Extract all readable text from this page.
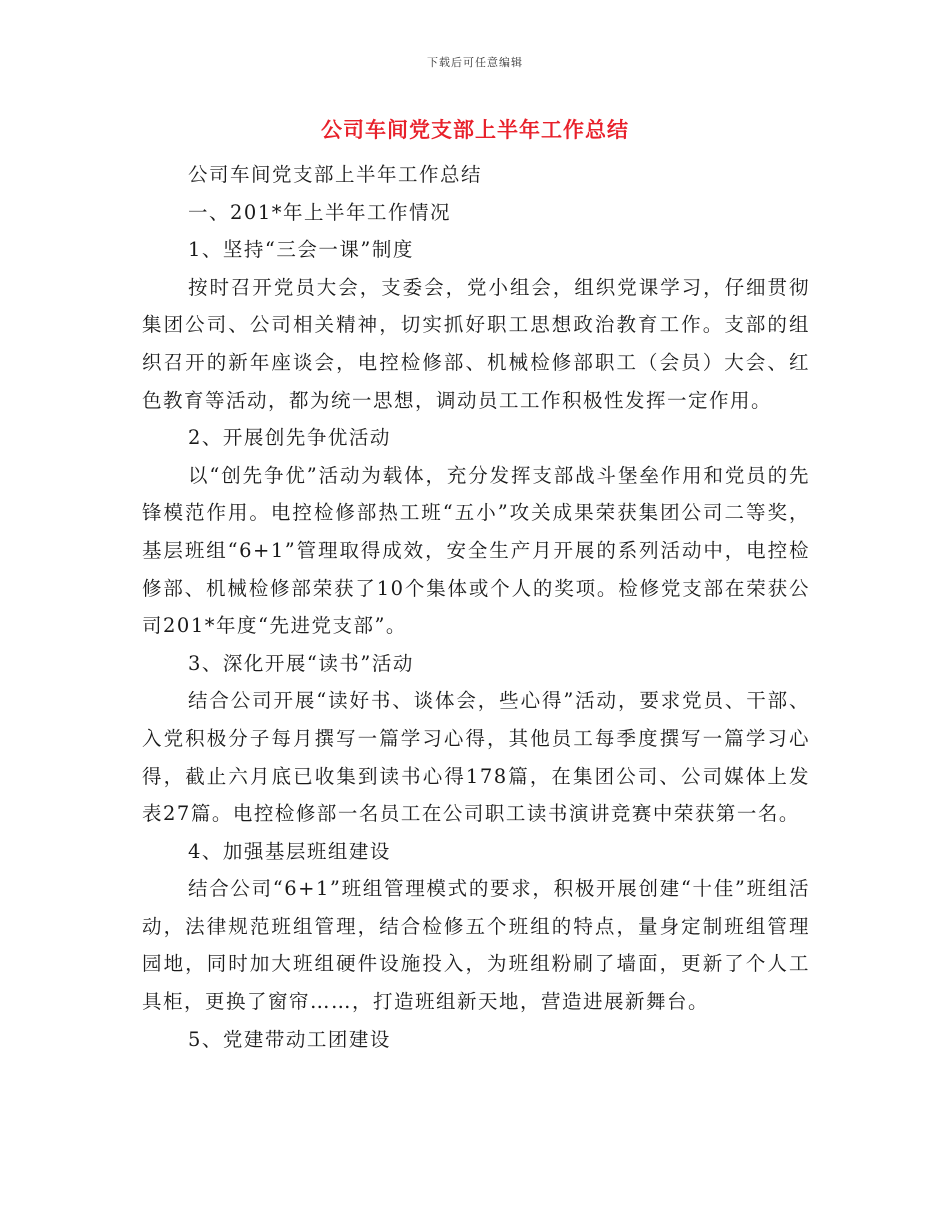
下载后可任意编辑
公司车间党支部上半年工作总结

公司车间党支部上半年工作总结

一、201*年上半年工作情况

1、坚持“三会一课”制度

按时召开党员大会，支委会，党小组会，组织党课学习，仔细贯彻集团公司、公司相关精神，切实抓好职工思想政治教育工作。支部的组织召开的新年座谈会，电控检修部、机械检修部职工（会员）大会、红色教育等活动，都为统一思想，调动员工工作积极性发挥一定作用。

2、开展创先争优活动

以“创先争优”活动为载体，充分发挥支部战斗堡垒作用和党员的先锋模范作用。电控检修部热工班“五小”攻关成果荣获集团公司二等奖，基层班组“6+1”管理取得成效，安全生产月开展的系列活动中，电控检修部、机械检修部荣获了10个集体或个人的奖项。检修党支部在荣获公司201*年度“先进党支部”。

3、深化开展“读书”活动

结合公司开展“读好书、谈体会，些心得”活动，要求党员、干部、入党积极分子每月撰写一篇学习心得，其他员工每季度撰写一篇学习心得，截止六月底已收集到读书心得178篇，在集团公司、公司媒体上发表27篇。电控检修部一名员工在公司职工读书演讲竞赛中荣获第一名。

4、加强基层班组建设

结合公司“6+1”班组管理模式的要求，积极开展创建“十佳”班组活动，法律规范班组管理，结合检修五个班组的特点，量身定制班组管理园地，同时加大班组硬件设施投入，为班组粉刷了墙面，更新了个人工具柜，更换了窗帘……，打造班组新天地，营造进展新舞台。

5、党建带动工团建设
